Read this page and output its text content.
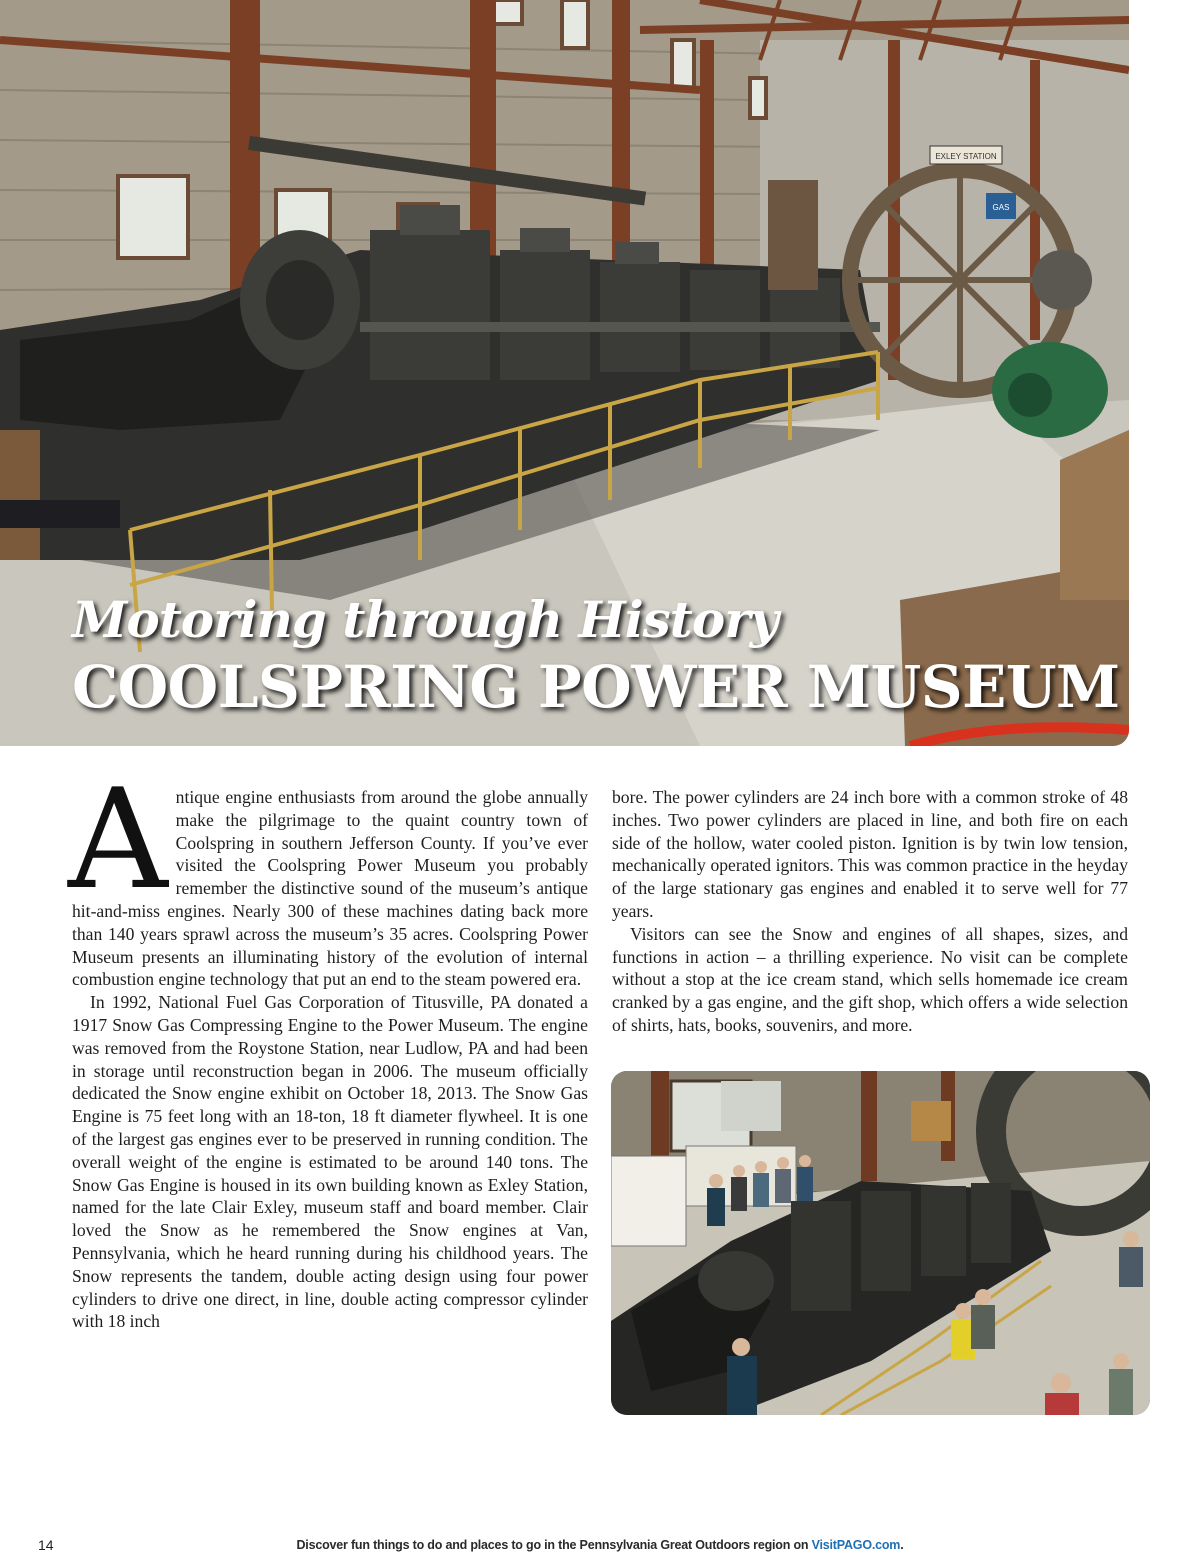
EXLEY STATION
GAS
Motoring through History
COOLSPRING POWER MUSEUM

Antique engine enthusiasts from around the globe annually make the pilgrimage to the quaint country town of Coolspring in southern Jefferson County. If you’ve ever visited the Coolspring Power Museum you probably remember the distinctive sound of the museum’s antique hit-and-miss engines. Nearly 300 of these machines dating back more than 140 years sprawl across the museum’s 35 acres. Coolspring Power Museum presents an illuminating history of the evolution of internal combustion engine technology that put an end to the steam powered era.

In 1992, National Fuel Gas Corporation of Titusville, PA donated a 1917 Snow Gas Compressing Engine to the Power Museum. The engine was removed from the Roystone Station, near Ludlow, PA and had been in storage until reconstruction began in 2006. The museum officially dedicated the Snow engine exhibit on October 18, 2013. The Snow Gas Engine is 75 feet long with an 18-ton, 18 ft diameter flywheel. It is one of the largest gas engines ever to be preserved in running condition. The overall weight of the engine is estimated to be around 140 tons. The Snow Gas Engine is housed in its own building known as Exley Station, named for the late Clair Exley, museum staff and board member. Clair loved the Snow as he remembered the Snow engines at Van, Pennsylvania, which he heard running during his childhood years. The Snow represents the tandem, double acting design using four power cylinders to drive one direct, in line, double acting compressor cylinder with 18 inch

bore. The power cylinders are 24 inch bore with a common stroke of 48 inches. Two power cylinders are placed in line, and both fire on each side of the hollow, water cooled piston. Ignition is by twin low tension, mechanically operated ignitors. This was common practice in the heyday of the large stationary gas engines and enabled it to serve well for 77 years.

Visitors can see the Snow and engines of all shapes, sizes, and functions in action – a thrilling experience. No visit can be complete without a stop at the ice cream stand, which sells homemade ice cream cranked by a gas engine, and the gift shop, which offers a wide selection of shirts, hats, books, souvenirs, and more.

14	Discover fun things to do and places to go in the Pennsylvania Great Outdoors region on VisitPAGO.com.
